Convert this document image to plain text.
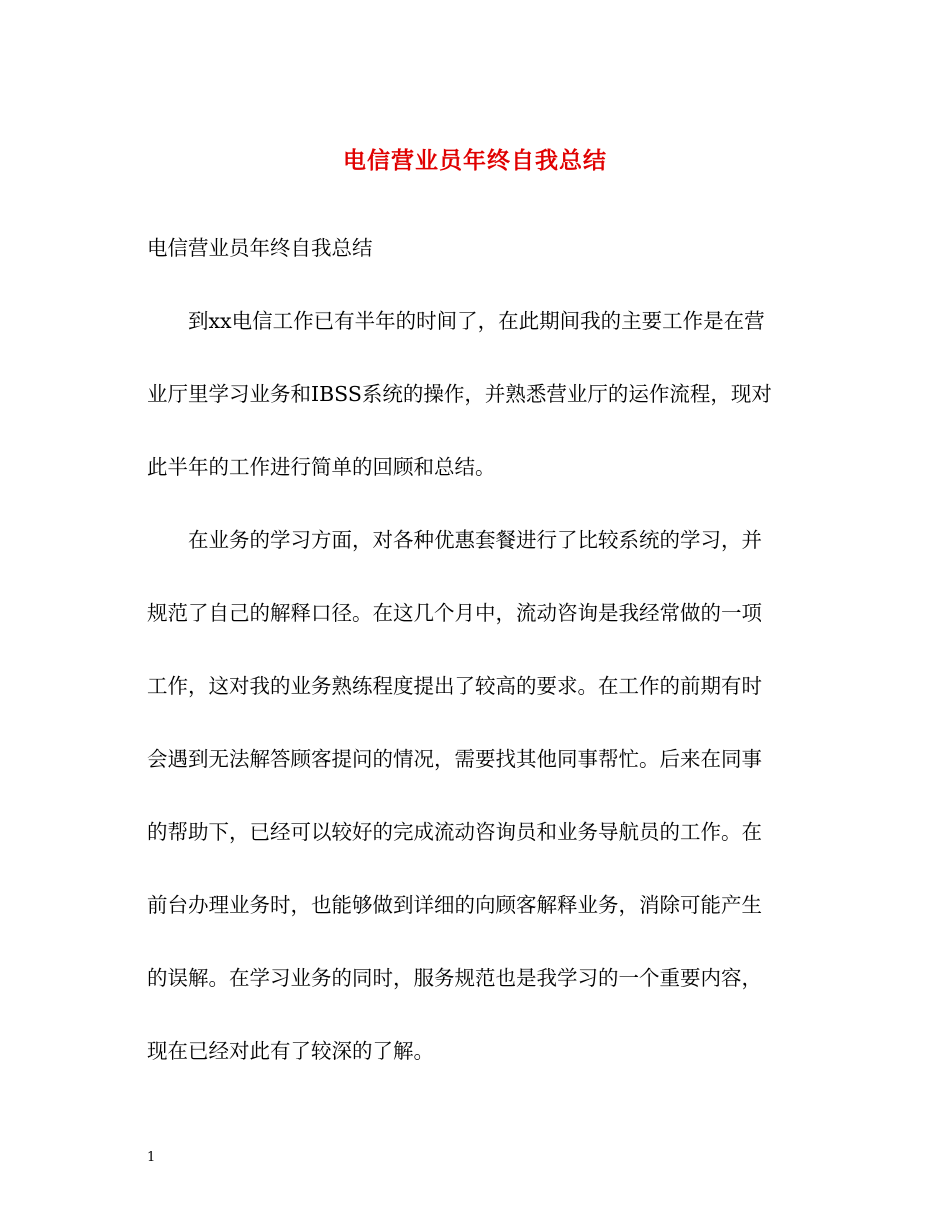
电信营业员年终自我总结
电信营业员年终自我总结
到xx电信工作已有半年的时间了，在此期间我的主要工作是在营
业厅里学习业务和IBSS系统的操作，并熟悉营业厅的运作流程，现对
此半年的工作进行简单的回顾和总结。
在业务的学习方面，对各种优惠套餐进行了比较系统的学习，并
规范了自己的解释口径。在这几个月中，流动咨询是我经常做的一项
工作，这对我的业务熟练程度提出了较高的要求。在工作的前期有时
会遇到无法解答顾客提问的情况，需要找其他同事帮忙。后来在同事
的帮助下，已经可以较好的完成流动咨询员和业务导航员的工作。在
前台办理业务时，也能够做到详细的向顾客解释业务，消除可能产生
的误解。在学习业务的同时，服务规范也是我学习的一个重要内容，
现在已经对此有了较深的了解。
1
